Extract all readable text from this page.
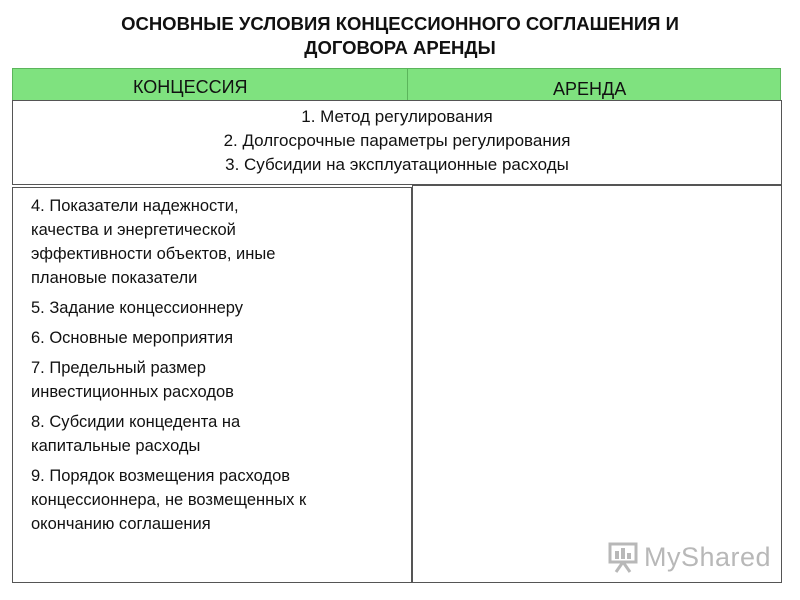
ОСНОВНЫЕ УСЛОВИЯ КОНЦЕССИОННОГО СОГЛАШЕНИЯ И
ДОГОВОРА АРЕНДЫ
КОНЦЕССИЯ	АРЕНДА
1. Метод регулирования
2. Долгосрочные параметры регулирования
3. Субсидии на эксплуатационные расходы
4. Показатели надежности,
качества и энергетической
эффективности объектов, иные
плановые показатели
5. Задание концессионнеру
6. Основные мероприятия
7. Предельный размер
инвестиционных расходов
8. Субсидии концедента на
капитальные расходы
9. Порядок возмещения расходов
концессионнера, не возмещенных к
окончанию соглашения
MyShared
